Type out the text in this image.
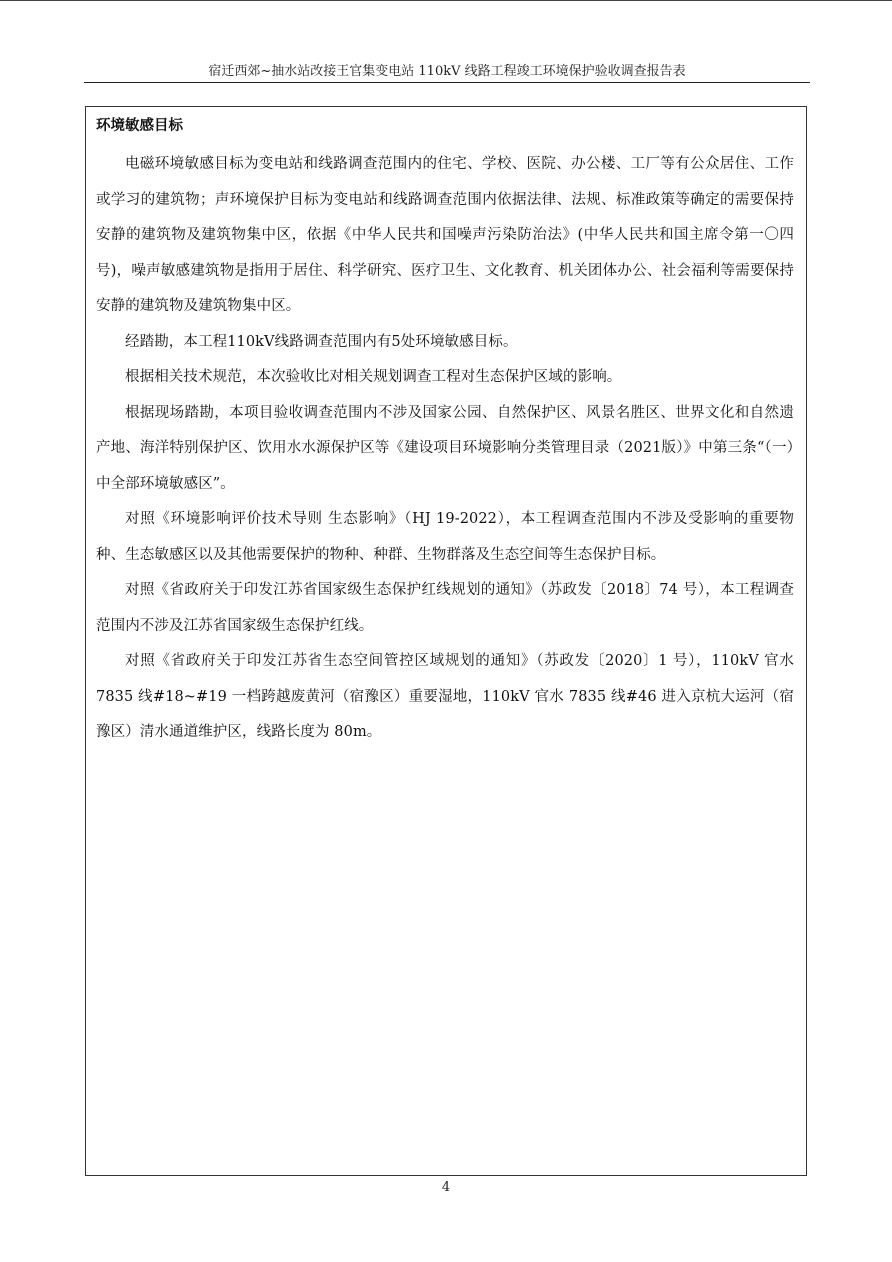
宿迁西郊~抽水站改接王官集变电站 110kV 线路工程竣工环境保护验收调查报告表
环境敏感目标

电磁环境敏感目标为变电站和线路调查范围内的住宅、学校、医院、办公楼、工厂等有公众居住、工作或学习的建筑物；声环境保护目标为变电站和线路调查范围内依据法律、法规、标准政策等确定的需要保持安静的建筑物及建筑物集中区，依据《中华人民共和国噪声污染防治法》(中华人民共和国主席令第一〇四号)，噪声敏感建筑物是指用于居住、科学研究、医疗卫生、文化教育、机关团体办公、社会福利等需要保持安静的建筑物及建筑物集中区。

经踏勘，本工程110kV线路调查范围内有5处环境敏感目标。

根据相关技术规范，本次验收比对相关规划调查工程对生态保护区域的影响。

根据现场踏勘，本项目验收调查范围内不涉及国家公园、自然保护区、风景名胜区、世界文化和自然遗产地、海洋特别保护区、饮用水水源保护区等《建设项目环境影响分类管理目录（2021版）》中第三条“（一）中全部环境敏感区”。

对照《环境影响评价技术导则 生态影响》（HJ 19-2022），本工程调查范围内不涉及受影响的重要物种、生态敏感区以及其他需要保护的物种、种群、生物群落及生态空间等生态保护目标。

对照《省政府关于印发江苏省国家级生态保护红线规划的通知》（苏政发〔2018〕74 号），本工程调查范围内不涉及江苏省国家级生态保护红线。

对照《省政府关于印发江苏省生态空间管控区域规划的通知》（苏政发〔2020〕1 号），110kV 官水 7835 线#18~#19 一档跨越废黄河（宿豫区）重要湿地，110kV 官水 7835 线#46 进入京杭大运河（宿豫区）清水通道维护区，线路长度为 80m。

4
